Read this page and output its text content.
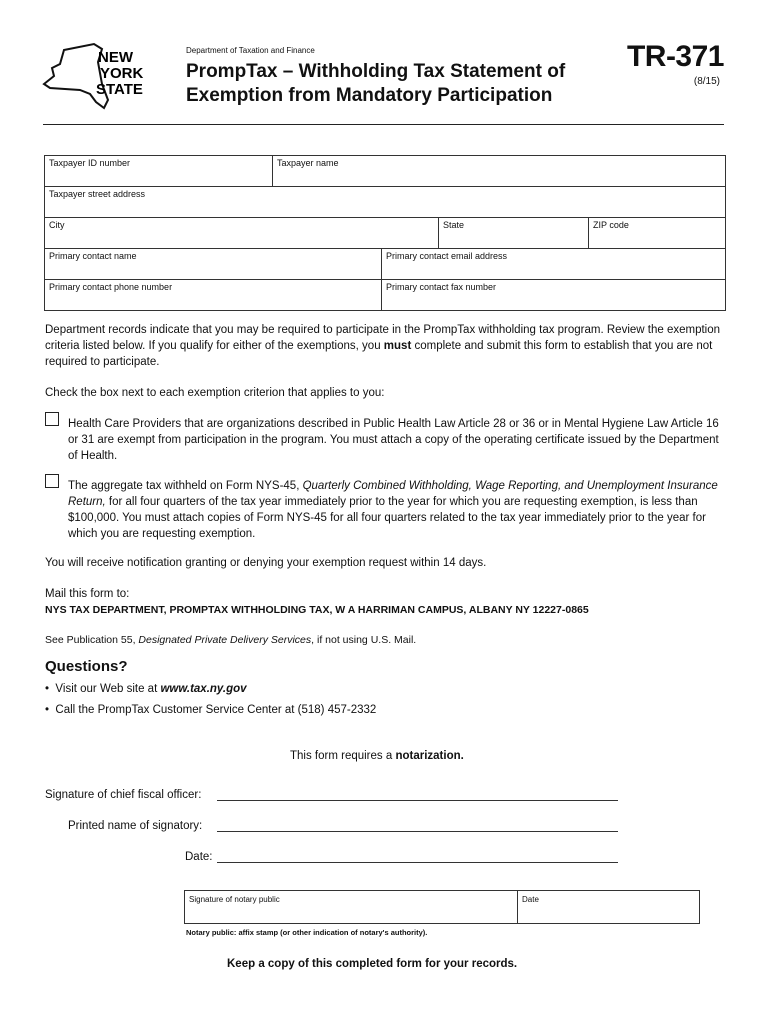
NEW
YORK
STATE
Department of Taxation and Finance
PrompTax – Withholding Tax Statement of
Exemption from Mandatory Participation
TR-371
(8/15)
Taxpayer ID number	Taxpayer name
Taxpayer street address
City	State	ZIP code
Primary contact name	Primary contact email address
Primary contact phone number	Primary contact fax number
Department records indicate that you may be required to participate in the PrompTax withholding tax program. Review the exemption criteria listed below. If you qualify for either of the exemptions, you must complete and submit this form to establish that you are not required to participate.
Check the box next to each exemption criterion that applies to you:
Health Care Providers that are organizations described in Public Health Law Article 28 or 36 or in Mental Hygiene Law Article 16 or 31 are exempt from participation in the program. You must attach a copy of the operating certificate issued by the Department of Health.
The aggregate tax withheld on Form NYS-45, Quarterly Combined Withholding, Wage Reporting, and Unemployment Insurance Return, for all four quarters of the tax year immediately prior to the year for which you are requesting exemption, is less than $100,000. You must attach copies of Form NYS-45 for all four quarters related to the tax year immediately prior to the year for which you are requesting exemption.
You will receive notification granting or denying your exemption request within 14 days.
Mail this form to:
NYS TAX DEPARTMENT, PROMPTAX WITHHOLDING TAX, W A HARRIMAN CAMPUS, ALBANY NY 12227-0865
See Publication 55, Designated Private Delivery Services, if not using U.S. Mail.
Questions?
•  Visit our Web site at www.tax.ny.gov
•  Call the PrompTax Customer Service Center at (518) 457-2332
This form requires a notarization.
Signature of chief fiscal officer:
Printed name of signatory:
Date:
Signature of notary public	Date
Notary public: affix stamp (or other indication of notary's authority).
Keep a copy of this completed form for your records.
